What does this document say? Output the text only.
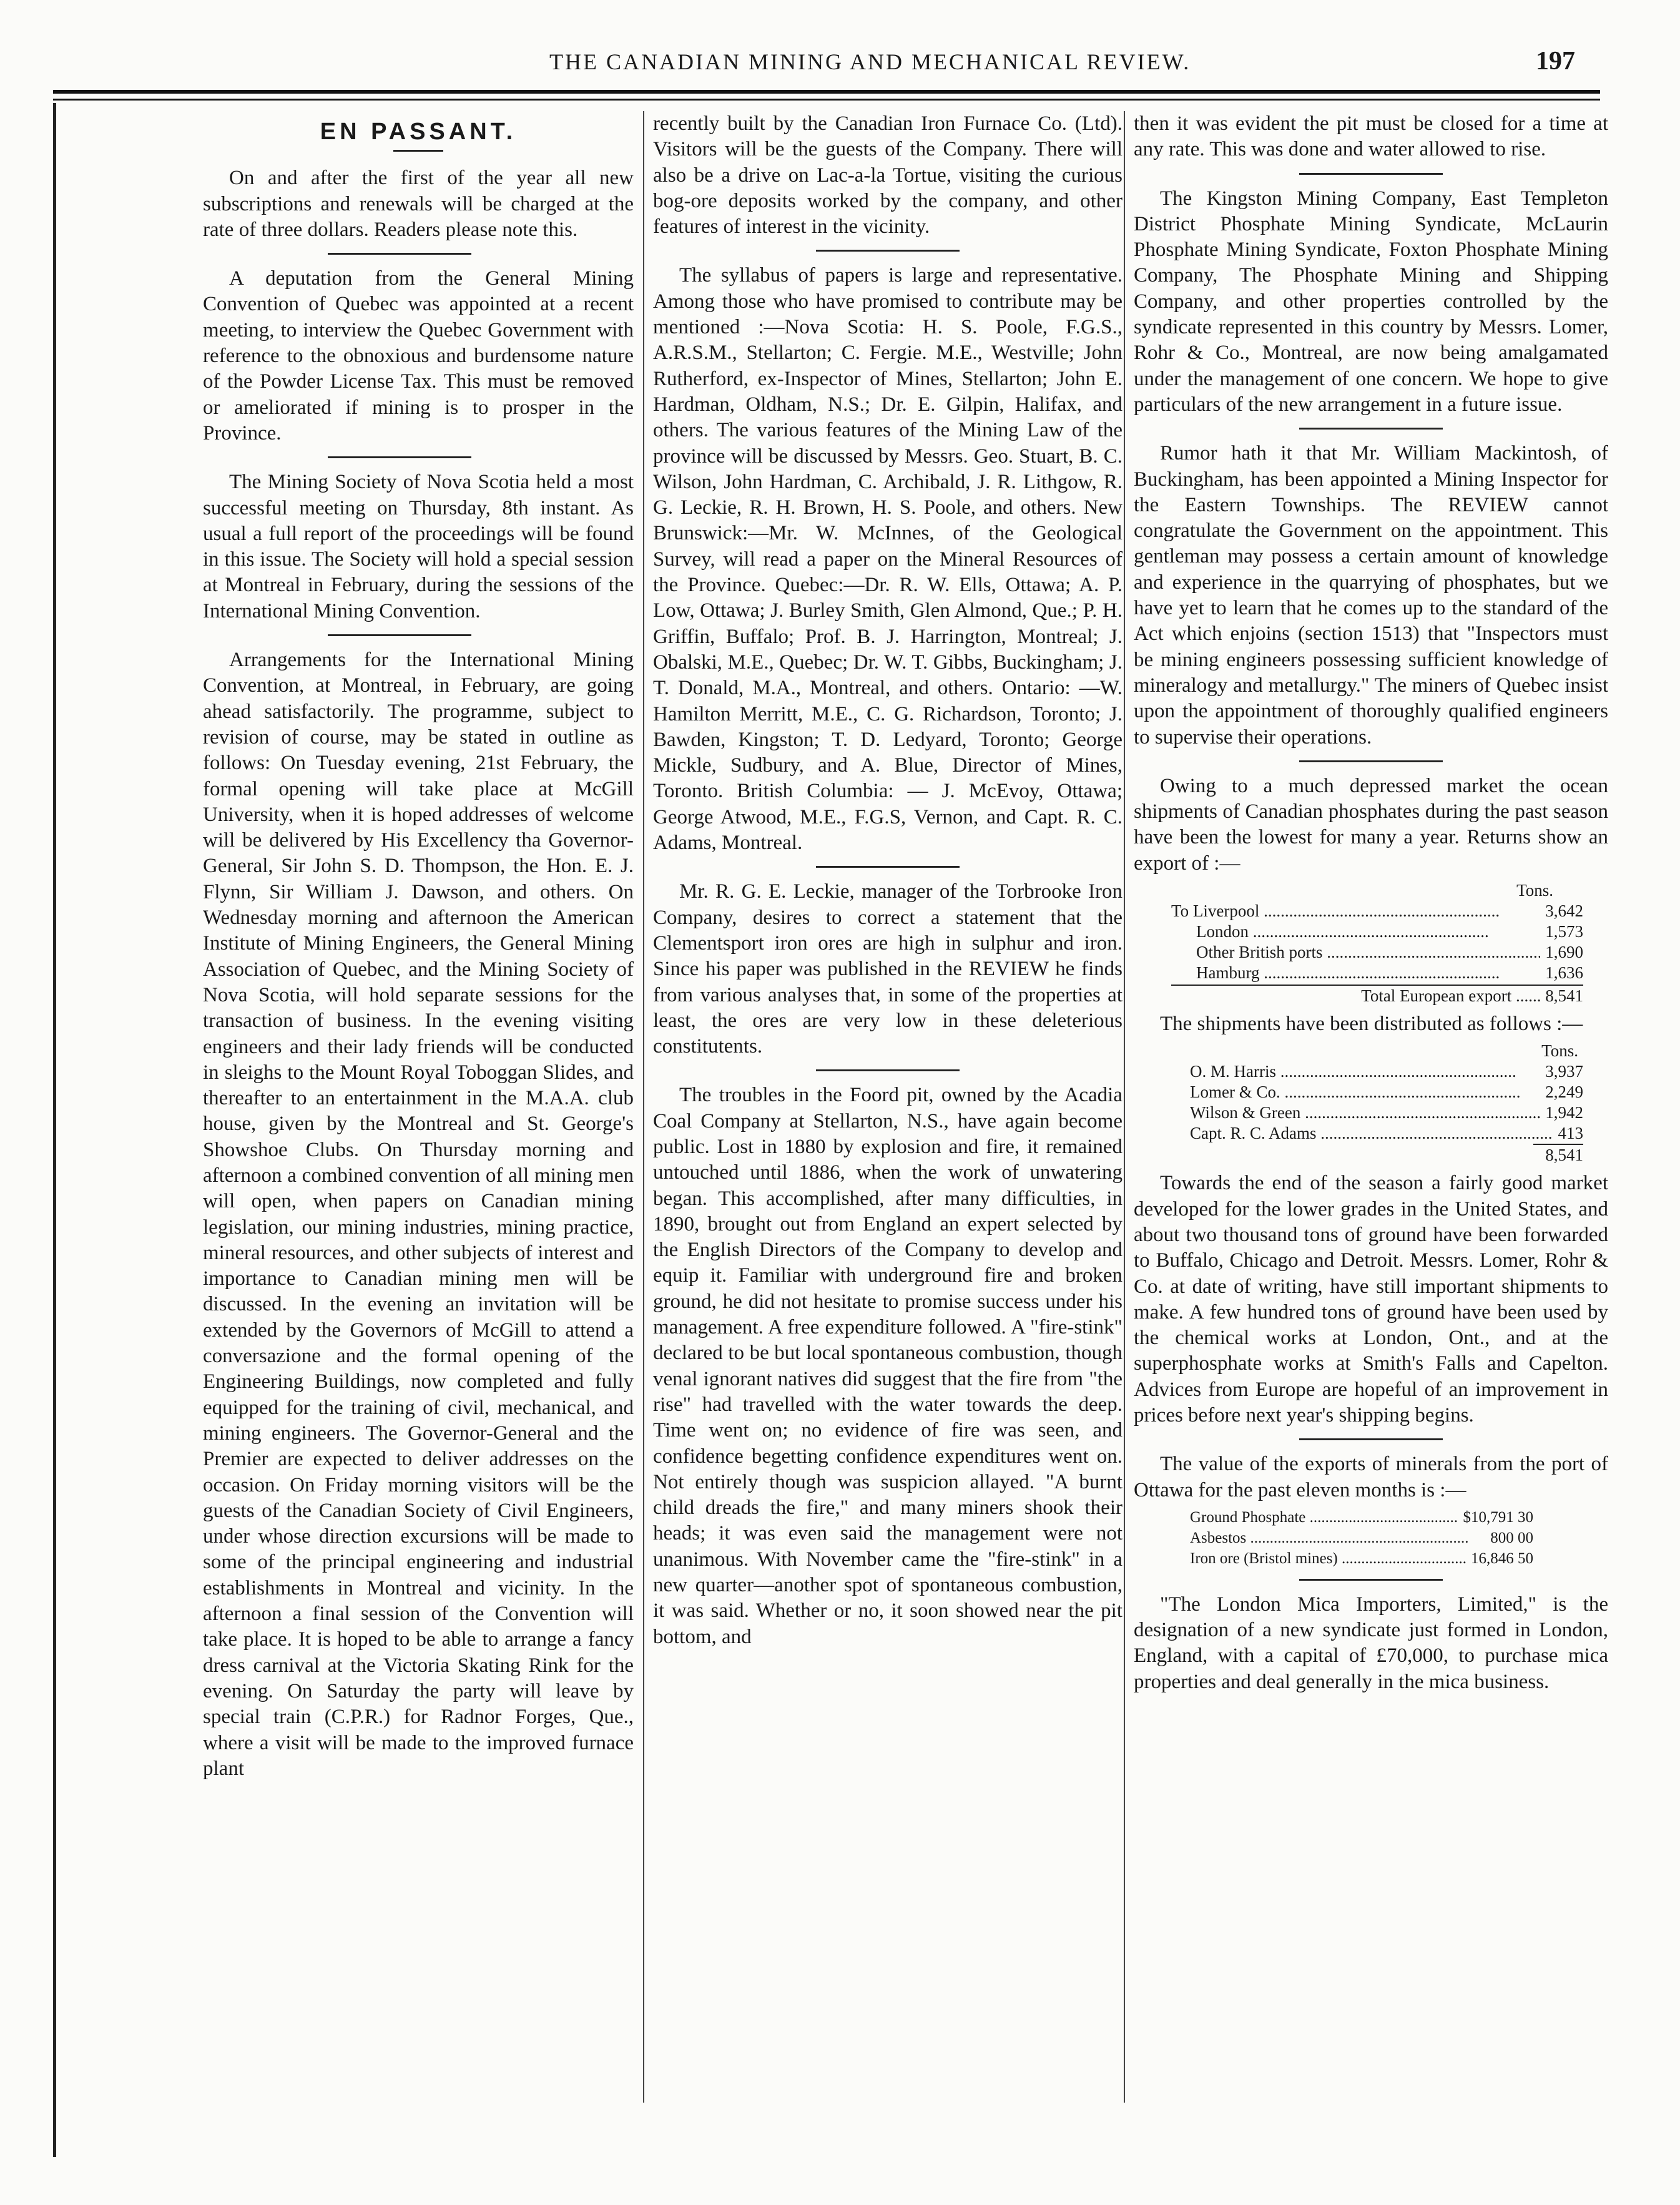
THE CANADIAN MINING AND MECHANICAL REVIEW.	197
EN PASSANT.

On and after the first of the year all new subscriptions and renewals will be charged at the rate of three dollars. Readers please note this.

A deputation from the General Mining Convention of Quebec was appointed at a recent meeting, to interview the Quebec Government with reference to the obnoxious and burdensome nature of the Powder License Tax. This must be removed or ameliorated if mining is to prosper in the Province.

The Mining Society of Nova Scotia held a most successful meeting on Thursday, 8th instant. As usual a full report of the proceedings will be found in this issue. The Society will hold a special session at Montreal in February, during the sessions of the International Mining Convention.

Arrangements for the International Mining Convention, at Montreal, in February, are going ahead satisfactorily. The programme, subject to revision of course, may be stated in outline as follows: On Tuesday evening, 21st February, the formal opening will take place at McGill University, when it is hoped addresses of welcome will be delivered by His Excellency tha Governor-General, Sir John S. D. Thompson, the Hon. E. J. Flynn, Sir William J. Dawson, and others. On Wednesday morning and afternoon the American Institute of Mining Engineers, the General Mining Association of Quebec, and the Mining Society of Nova Scotia, will hold separate sessions for the transaction of business. In the evening visiting engineers and their lady friends will be conducted in sleighs to the Mount Royal Toboggan Slides, and thereafter to an entertainment in the M.A.A. club house, given by the Montreal and St. George's Showshoe Clubs. On Thursday morning and afternoon a combined convention of all mining men will open, when papers on Canadian mining legislation, our mining industries, mining practice, mineral resources, and other subjects of interest and importance to Canadian mining men will be discussed. In the evening an invitation will be extended by the Governors of McGill to attend a conversazione and the formal opening of the Engineering Buildings, now completed and fully equipped for the training of civil, mechanical, and mining engineers. The Governor-General and the Premier are expected to deliver addresses on the occasion. On Friday morning visitors will be the guests of the Canadian Society of Civil Engineers, under whose direction excursions will be made to some of the principal engineering and industrial establishments in Montreal and vicinity. In the afternoon a final session of the Convention will take place. It is hoped to be able to arrange a fancy dress carnival at the Victoria Skating Rink for the evening. On Saturday the party will leave by special train (C.P.R.) for Radnor Forges, Que., where a visit will be made to the improved furnace plant

recently built by the Canadian Iron Furnace Co. (Ltd). Visitors will be the guests of the Company. There will also be a drive on Lac-a-la Tortue, visiting the curious bog-ore deposits worked by the company, and other features of interest in the vicinity.

The syllabus of papers is large and representative. Among those who have promised to contribute may be mentioned :—Nova Scotia: H. S. Poole, F.G.S., A.R.S.M., Stellarton; C. Fergie. M.E., Westville; John Rutherford, ex-Inspector of Mines, Stellarton; John E. Hardman, Oldham, N.S.; Dr. E. Gilpin, Halifax, and others. The various features of the Mining Law of the province will be discussed by Messrs. Geo. Stuart, B. C. Wilson, John Hardman, C. Archibald, J. R. Lithgow, R. G. Leckie, R. H. Brown, H. S. Poole, and others. New Brunswick:—Mr. W. McInnes, of the Geological Survey, will read a paper on the Mineral Resources of the Province. Quebec:—Dr. R. W. Ells, Ottawa; A. P. Low, Ottawa; J. Burley Smith, Glen Almond, Que.; P. H. Griffin, Buffalo; Prof. B. J. Harrington, Montreal; J. Obalski, M.E., Quebec; Dr. W. T. Gibbs, Buckingham; J. T. Donald, M.A., Montreal, and others. Ontario: —W. Hamilton Merritt, M.E., C. G. Richardson, Toronto; J. Bawden, Kingston; T. D. Ledyard, Toronto; George Mickle, Sudbury, and A. Blue, Director of Mines, Toronto. British Columbia: — J. McEvoy, Ottawa; George Atwood, M.E., F.G.S, Vernon, and Capt. R. C. Adams, Montreal.

Mr. R. G. E. Leckie, manager of the Torbrooke Iron Company, desires to correct a statement that the Clementsport iron ores are high in sulphur and iron. Since his paper was published in the REVIEW he finds from various analyses that, in some of the properties at least, the ores are very low in these deleterious constitutents.

The troubles in the Foord pit, owned by the Acadia Coal Company at Stellarton, N.S., have again become public. Lost in 1880 by explosion and fire, it remained untouched until 1886, when the work of unwatering began. This accomplished, after many difficulties, in 1890, brought out from England an expert selected by the English Directors of the Company to develop and equip it. Familiar with underground fire and broken ground, he did not hesitate to promise success under his management. A free expenditure followed. A "fire-stink" declared to be but local spontaneous combustion, though venal ignorant natives did suggest that the fire from "the rise" had travelled with the water towards the deep. Time went on; no evidence of fire was seen, and confidence begetting confidence expenditures went on. Not entirely though was suspicion allayed. "A burnt child dreads the fire," and many miners shook their heads; it was even said the management were not unanimous. With November came the "fire-stink" in a new quarter—another spot of spontaneous combustion, it was said. Whether or no, it soon showed near the pit bottom, and

then it was evident the pit must be closed for a time at any rate. This was done and water allowed to rise.

The Kingston Mining Company, East Templeton District Phosphate Mining Syndicate, McLaurin Phosphate Mining Syndicate, Foxton Phosphate Mining Company, The Phosphate Mining and Shipping Company, and other properties controlled by the syndicate represented in this country by Messrs. Lomer, Rohr & Co., Montreal, are now being amalgamated under the management of one concern. We hope to give particulars of the new arrangement in a future issue.

Rumor hath it that Mr. William Mackintosh, of Buckingham, has been appointed a Mining Inspector for the Eastern Townships. The REVIEW cannot congratulate the Government on the appointment. This gentleman may possess a certain amount of knowledge and experience in the quarrying of phosphates, but we have yet to learn that he comes up to the standard of the Act which enjoins (section 1513) that "Inspectors must be mining engineers possessing sufficient knowledge of mineralogy and metallurgy." The miners of Quebec insist upon the appointment of thoroughly qualified engineers to supervise their operations.

Owing to a much depressed market the ocean shipments of Canadian phosphates during the past season have been the lowest for many a year. Returns show an export of :—

Tons.
To Liverpool .....	3,642
London .....	1,573
Other British ports .....	1,690
Hamburg .....	1,636
Total European export ...... 8,541

The shipments have been distributed as follows :—

Tons.
O. M. Harris .....	3,937
Lomer & Co. .....	2,249
Wilson & Green .....	1,942
Capt. R. C. Adams .....	413
8,541

Towards the end of the season a fairly good market developed for the lower grades in the United States, and about two thousand tons of ground have been forwarded to Buffalo, Chicago and Detroit. Messrs. Lomer, Rohr & Co. at date of writing, have still important shipments to make. A few hundred tons of ground have been used by the chemical works at London, Ont., and at the superphosphate works at Smith's Falls and Capelton. Advices from Europe are hopeful of an improvement in prices before next year's shipping begins.

The value of the exports of minerals from the port of Ottawa for the past eleven months is :—

Ground Phosphate .....	$10,791 30
Asbestos .....	800 00
Iron ore (Bristol mines) .....	16,846 50

"The London Mica Importers, Limited," is the designation of a new syndicate just formed in London, England, with a capital of £70,000, to purchase mica properties and deal generally in the mica business.
